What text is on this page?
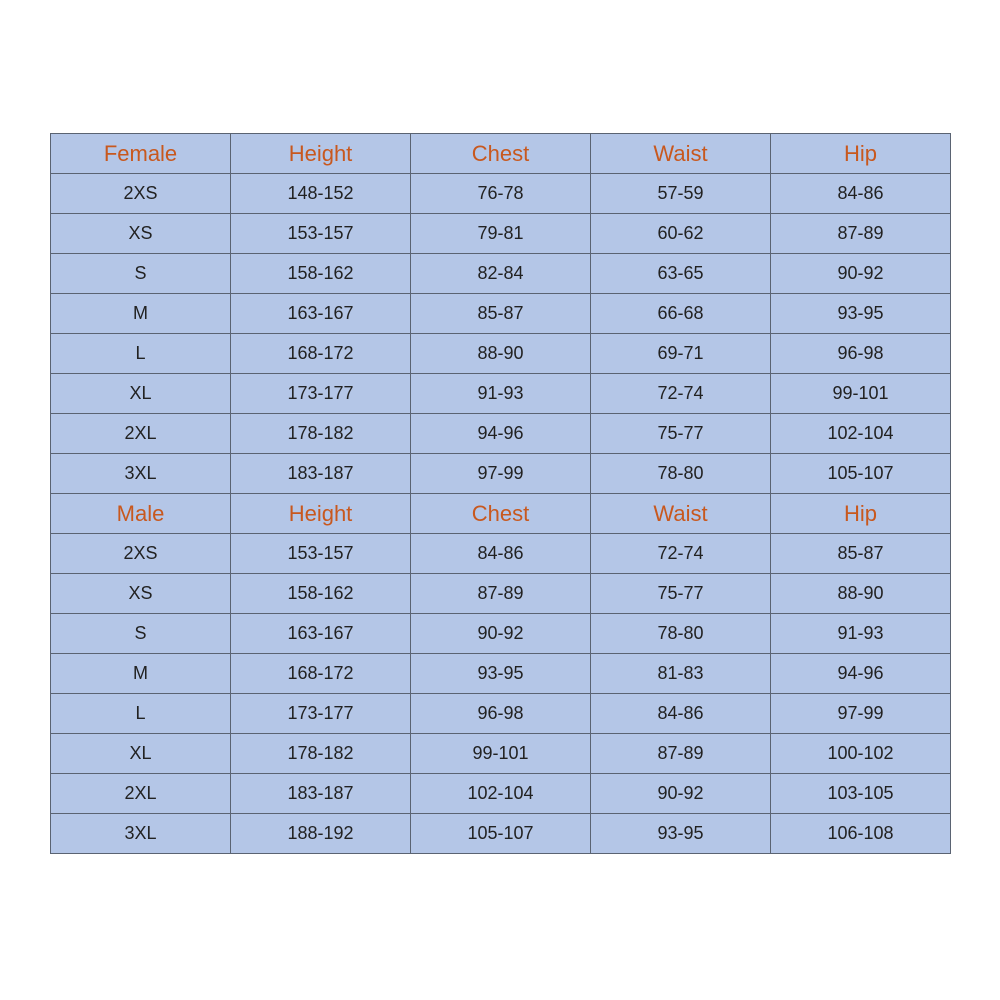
Female	Height	Chest	Waist	Hip
2XS	148-152	76-78	57-59	84-86
XS	153-157	79-81	60-62	87-89
S	158-162	82-84	63-65	90-92
M	163-167	85-87	66-68	93-95
L	168-172	88-90	69-71	96-98
XL	173-177	91-93	72-74	99-101
2XL	178-182	94-96	75-77	102-104
3XL	183-187	97-99	78-80	105-107
Male	Height	Chest	Waist	Hip
2XS	153-157	84-86	72-74	85-87
XS	158-162	87-89	75-77	88-90
S	163-167	90-92	78-80	91-93
M	168-172	93-95	81-83	94-96
L	173-177	96-98	84-86	97-99
XL	178-182	99-101	87-89	100-102
2XL	183-187	102-104	90-92	103-105
3XL	188-192	105-107	93-95	106-108
